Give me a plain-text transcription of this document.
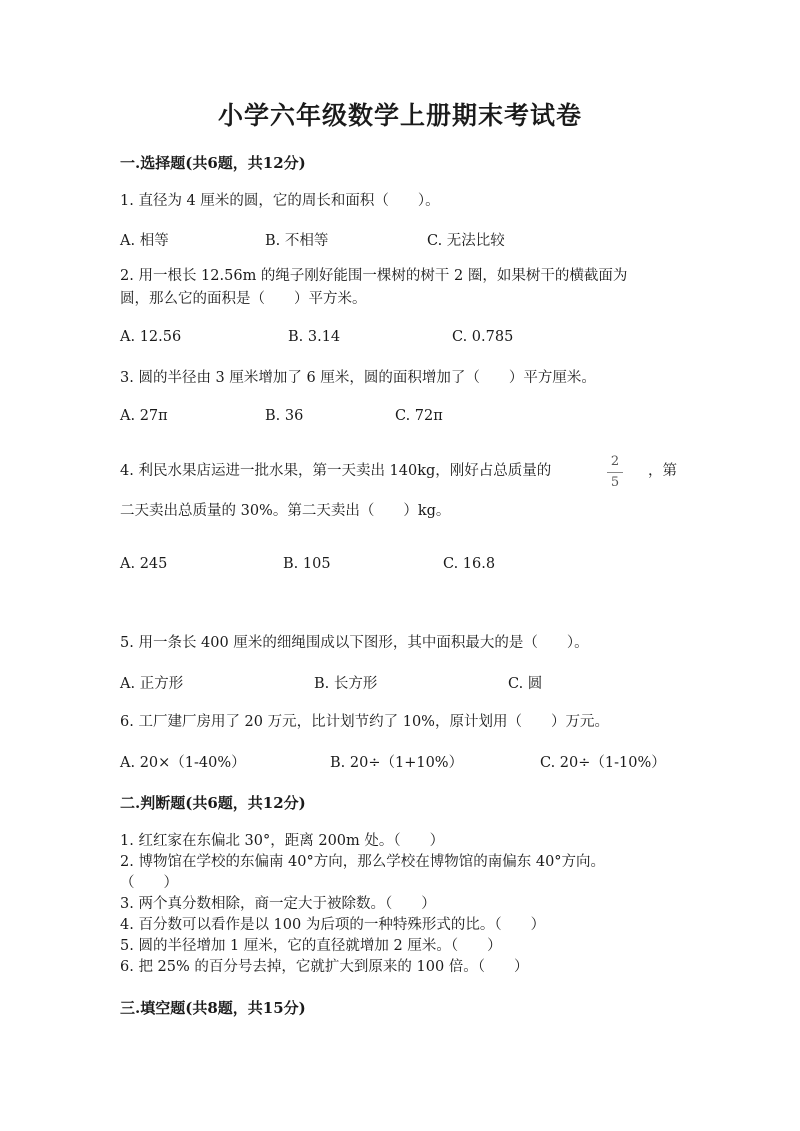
小学六年级数学上册期末考试卷
一.选择题(共6题，共12分)
1. 直径为 4 厘米的圆，它的周长和面积（　　）。
A. 相等	B. 不相等	C. 无法比较
2. 用一根长 12.56m 的绳子刚好能围一棵树的树干 2 圈，如果树干的横截面为
圆，那么它的面积是（　　）平方米。
A. 12.56	B. 3.14	C. 0.785
3. 圆的半径由 3 厘米增加了 6 厘米，圆的面积增加了（　　）平方厘米。
A. 27π	B. 36	C. 72π
4. 利民水果店运进一批水果，第一天卖出 140kg，刚好占总质量的
2
5
，第
二天卖出总质量的 30%。第二天卖出（　　）kg。
A. 245	B. 105	C. 16.8
5. 用一条长 400 厘米的细绳围成以下图形，其中面积最大的是（　　）。
A. 正方形	B. 长方形	C. 圆
6. 工厂建厂房用了 20 万元，比计划节约了 10%，原计划用（　　）万元。
A. 20×（1-40%）	B. 20÷（1+10%）	C. 20÷（1-10%）
二.判断题(共6题，共12分)
1. 红红家在东偏北 30°，距离 200m 处。（　　）
2. 博物馆在学校的东偏南 40°方向，那么学校在博物馆的南偏东 40°方向。
（　　）
3. 两个真分数相除，商一定大于被除数。（　　）
4. 百分数可以看作是以 100 为后项的一种特殊形式的比。（　　）
5. 圆的半径增加 1 厘米，它的直径就增加 2 厘米。（　　）
6. 把 25% 的百分号去掉，它就扩大到原来的 100 倍。（　　）
三.填空题(共8题，共15分)
